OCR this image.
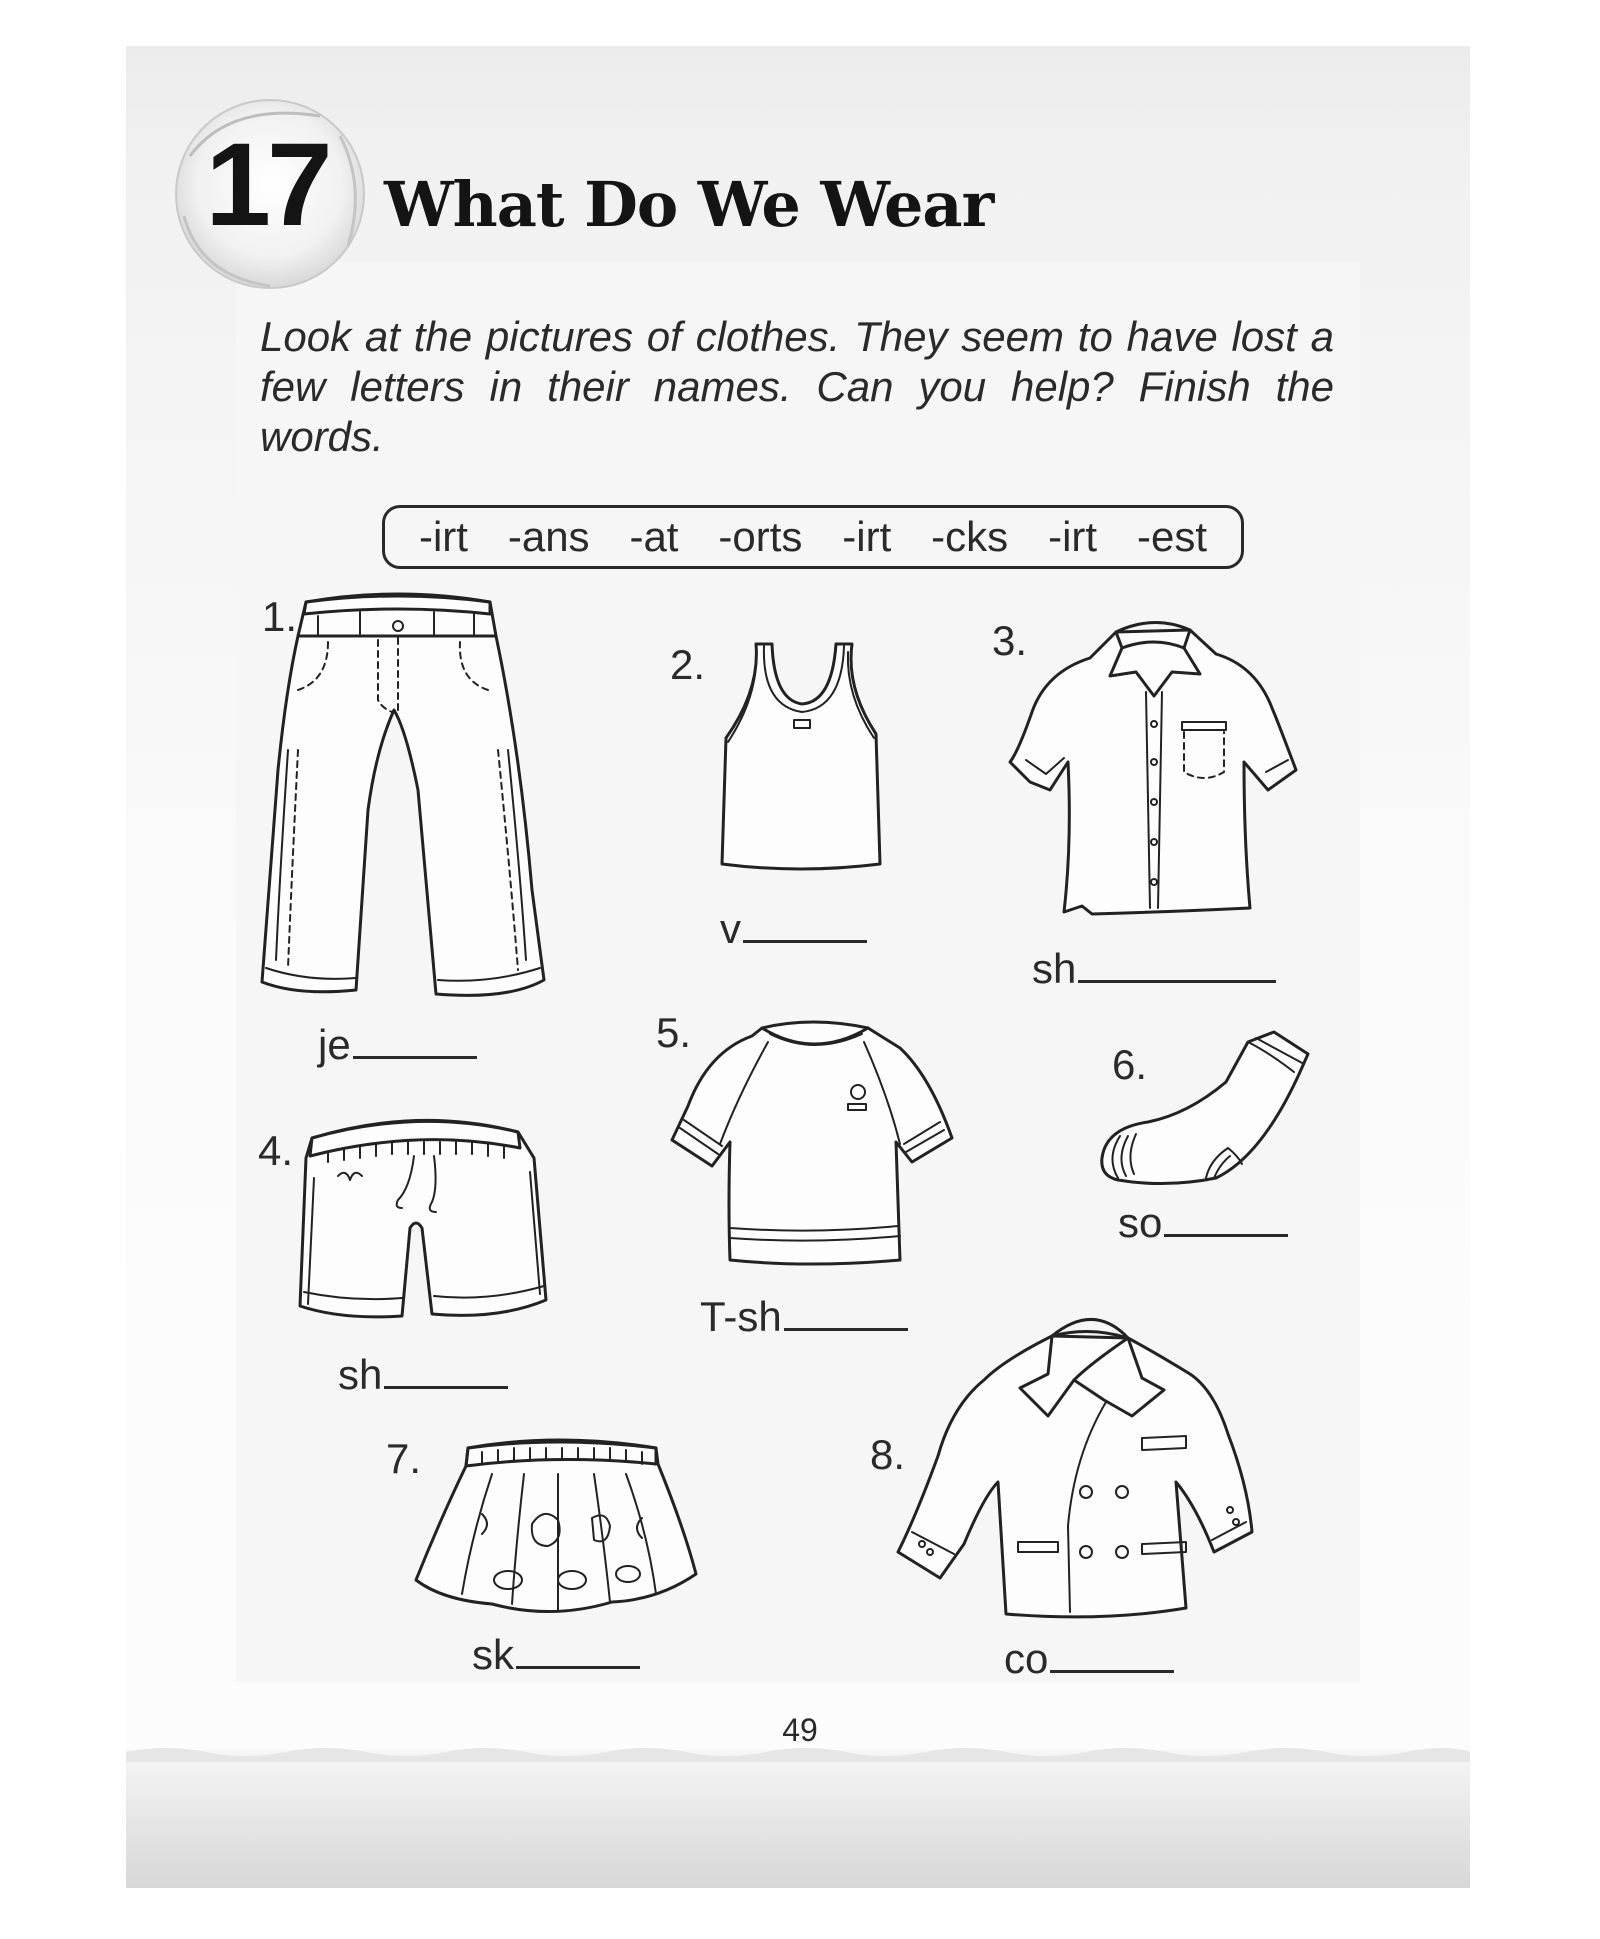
17 What Do We Wear
Look at the pictures of clothes. They seem to have lost a few letters in their names. Can you help? Finish the words.
-irt -ans -at -orts -irt -cks -irt -est
1.
je
2.
v
3.
sh
4.
sh
5.
T-sh
6.
so
7.
sk
8.
co
49
